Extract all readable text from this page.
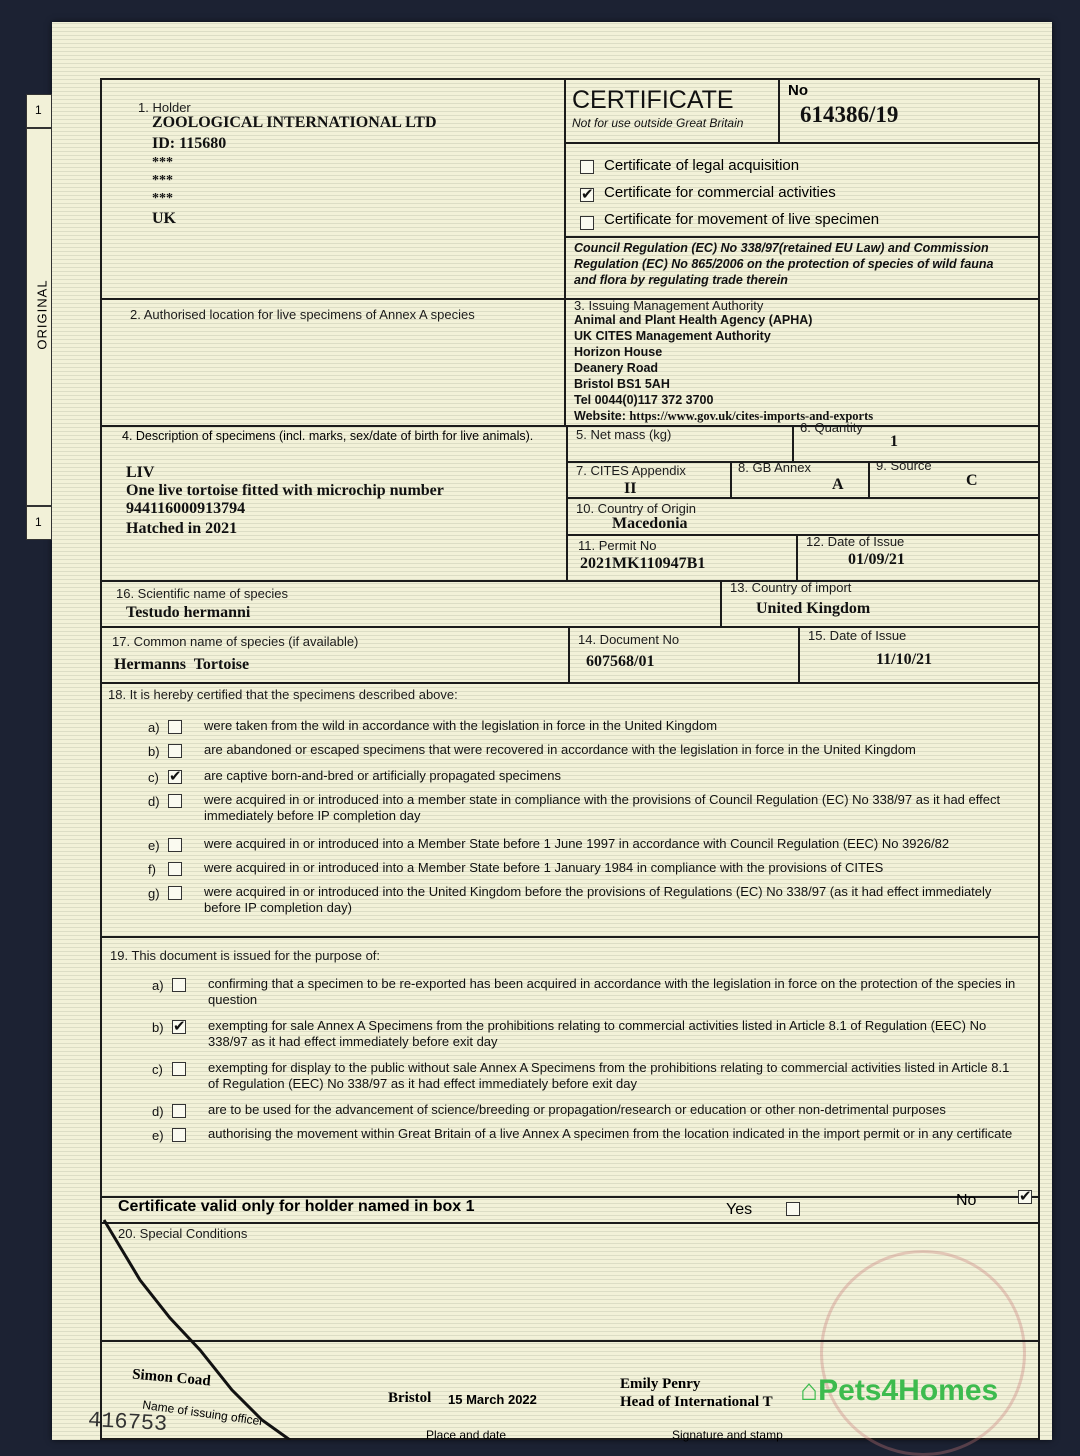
1
ORIGINAL
1
1. Holder
ZOOLOGICAL INTERNATIONAL LTD
ID: 115680
***
***
***
UK
CERTIFICATE
Not for use outside Great Britain
No
614386/19
Certificate of legal acquisition
✔
Certificate for commercial activities
Certificate for movement of live specimen
Council Regulation (EC) No 338/97(retained EU Law) and Commission Regulation (EC) No 865/2006 on the protection of species of wild fauna and flora by regulating trade therein
2. Authorised location for live specimens of Annex A species
3. Issuing Management Authority
Animal and Plant Health Agency (APHA)
UK CITES Management Authority
Horizon House
Deanery Road
Bristol BS1 5AH
Tel 0044(0)117 372 3700
Website: https://www.gov.uk/cites-imports-and-exports
4. Description of specimens (incl. marks, sex/date of birth for live animals).
LIV
One live tortoise fitted with microchip number
944116000913794
Hatched in 2021
5. Net mass (kg)	6. Quantity
1
7. CITES Appendix
II
8. GB Annex
A
9. Source
C
10. Country of Origin
Macedonia
11. Permit No
2021MK110947B1
12. Date of Issue
01/09/21
16. Scientific name of species
Testudo hermanni
13. Country of import
United Kingdom
17. Common name of species (if available)
Hermanns  Tortoise
14. Document No
607568/01
15. Date of Issue
11/10/21
18. It is hereby certified that the specimens described above:
a)	were taken from the wild in accordance with the legislation in force in the United Kingdom
b)	are abandoned or escaped specimens that were recovered in accordance with the legislation in force in the United Kingdom
c) ✔	are captive born-and-bred or artificially propagated specimens
d)	were acquired in or introduced into a member state in compliance with the provisions of Council Regulation (EC) No 338/97 as it had effect immediately before IP completion day
e)	were acquired in or introduced into a Member State before 1 June 1997 in accordance with Council Regulation (EEC) No 3926/82
f)	were acquired in or introduced into a Member State before 1 January 1984 in compliance with the provisions of CITES
g)	were acquired in or introduced into the United Kingdom before the provisions of Regulations (EC) No 338/97 (as it had effect immediately before IP completion day)
19. This document is issued for the purpose of:
a)	confirming that a specimen to be re-exported has been acquired in accordance with the legislation in force on the protection of the species in question
b) ✔	exempting for sale Annex A Specimens from the prohibitions relating to commercial activities listed in Article 8.1 of Regulation (EEC) No 338/97 as it had effect immediately before exit day
c)	exempting for display to the public without sale Annex A Specimens from the prohibitions relating to commercial activities listed in Article 8.1 of Regulation (EEC) No 338/97 as it had effect immediately before exit day
d)	are to be used for the advancement of science/breeding or propagation/research or education or other non-detrimental purposes
e)	authorising the movement within Great Britain of a live Annex A specimen from the location indicated in the import permit or in any certificate
Certificate valid only for holder named in box 1	Yes
No
✔
20. Special Conditions
Simon Coad
Name of issuing officer	Bristol 15 March 2022
Place and date
Emily Penry
Head of International T
Signature and stamp
416753
⌂Pets4Homes
